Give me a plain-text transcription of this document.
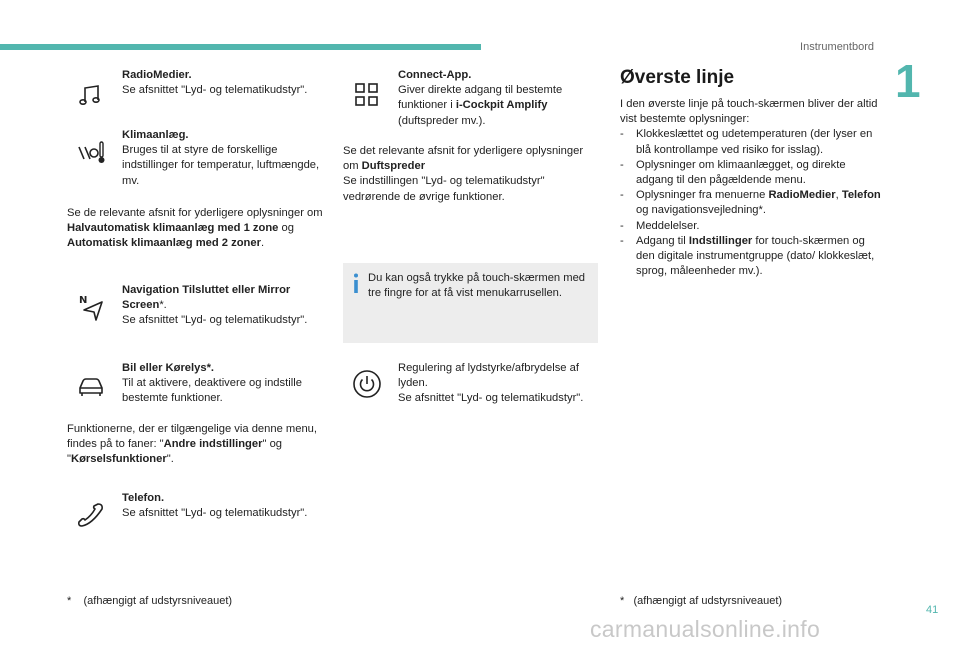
Instrumentbord
1
RadioMedier.

Se afsnittet "Lyd- og telematikudstyr".

Klimaanlæg.

Bruges til at styre de forskellige indstillinger for temperatur, luftmængde, mv.

Se de relevante afsnit for yderligere oplysninger om Halvautomatisk klimaanlæg med 1 zone og Automatisk klimaanlæg med 2 zoner.

N
Navigation Tilsluttet eller Mirror Screen*.

Se afsnittet "Lyd- og telematikudstyr".

Bil eller Kørelys*.

Til at aktivere, deaktivere og indstille bestemte funktioner.

Funktionerne, der er tilgængelige via denne menu, findes på to faner: "Andre indstillinger" og "Kørselsfunktioner".

Telefon.

Se afsnittet "Lyd- og telematikudstyr".

* (afhængigt af udstyrsniveauet)
Connect-App.

Giver direkte adgang til bestemte funktioner i i-Cockpit Amplify (duftspreder mv.).

Se det relevante afsnit for yderligere oplysninger om Duftspreder

Se indstillingen "Lyd- og telematikudstyr" vedrørende de øvrige funktioner.

Du kan også trykke på touch-skærmen med tre fingre for at få vist menukarrusellen.

Regulering af lydstyrke/afbrydelse af lyden.

Se afsnittet "Lyd- og telematikudstyr".

Øverste linje

I den øverste linje på touch-skærmen bliver der altid vist bestemte oplysninger:

- Klokkeslættet og udetemperaturen (der lyser en blå kontrollampe ved risiko for isslag).
- Oplysninger om klimaanlægget, og direkte adgang til den pågældende menu.
- Oplysninger fra menuerne RadioMedier, Telefon og navigationsvejledning*.
- Meddelelser.
- Adgang til Indstillinger for touch-skærmen og den digitale instrumentgruppe (dato/ klokkeslæt, sprog, måleenheder mv.).
* (afhængigt af udstyrsniveauet)
41
carmanualsonline.info
